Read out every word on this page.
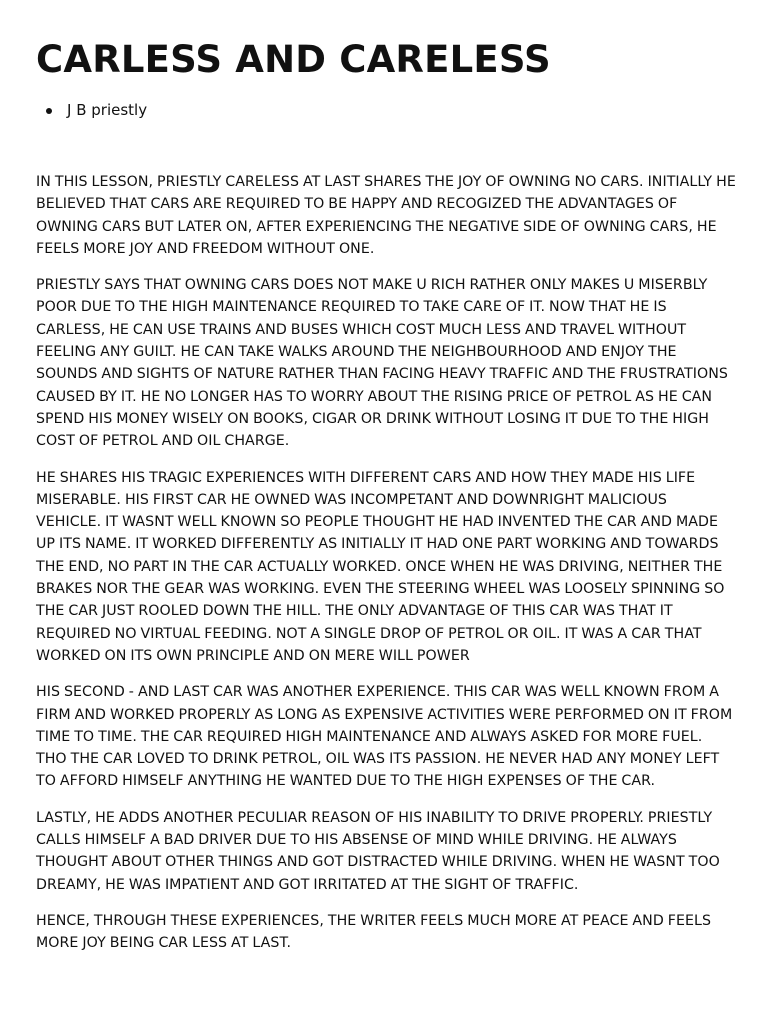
CARLESS AND CARELESS
J B priestly

IN THIS LESSON, PRIESTLY CARELESS AT LAST SHARES THE JOY OF OWNING NO CARS. INITIALLY HE BELIEVED THAT CARS ARE REQUIRED TO BE HAPPY AND RECOGIZED THE ADVANTAGES OF OWNING CARS BUT LATER ON, AFTER EXPERIENCING THE NEGATIVE SIDE OF OWNING CARS, HE FEELS MORE JOY AND FREEDOM WITHOUT ONE.

PRIESTLY SAYS THAT OWNING CARS DOES NOT MAKE U RICH RATHER ONLY MAKES U MISERBLY POOR DUE TO THE HIGH MAINTENANCE REQUIRED TO TAKE CARE OF IT. NOW THAT HE IS CARLESS, HE CAN USE TRAINS AND BUSES WHICH COST MUCH LESS AND TRAVEL WITHOUT FEELING ANY GUILT. HE CAN TAKE WALKS AROUND THE NEIGHBOURHOOD AND ENJOY THE SOUNDS AND SIGHTS OF NATURE RATHER THAN FACING HEAVY TRAFFIC AND THE FRUSTRATIONS CAUSED BY IT. HE NO LONGER HAS TO WORRY ABOUT THE RISING PRICE OF PETROL AS HE CAN SPEND HIS MONEY WISELY ON BOOKS, CIGAR OR DRINK WITHOUT LOSING IT DUE TO THE HIGH COST OF PETROL AND OIL CHARGE.

HE SHARES HIS TRAGIC EXPERIENCES WITH DIFFERENT CARS AND HOW THEY MADE HIS LIFE MISERABLE. HIS FIRST CAR HE OWNED WAS INCOMPETANT AND DOWNRIGHT MALICIOUS VEHICLE. IT WASNT WELL KNOWN SO PEOPLE THOUGHT HE HAD INVENTED THE CAR AND MADE UP ITS NAME. IT WORKED DIFFERENTLY AS INITIALLY IT HAD ONE PART WORKING AND TOWARDS THE END, NO PART IN THE CAR ACTUALLY WORKED. ONCE WHEN HE WAS DRIVING, NEITHER THE BRAKES NOR THE GEAR WAS WORKING. EVEN THE STEERING WHEEL WAS LOOSELY SPINNING SO THE CAR JUST ROOLED DOWN THE HILL. THE ONLY ADVANTAGE OF THIS CAR WAS THAT IT REQUIRED NO VIRTUAL FEEDING. NOT A SINGLE DROP OF PETROL OR OIL. IT WAS A CAR THAT WORKED ON ITS OWN PRINCIPLE AND ON MERE WILL POWER

HIS SECOND - AND LAST CAR WAS ANOTHER EXPERIENCE. THIS CAR WAS WELL KNOWN FROM A FIRM AND WORKED PROPERLY AS LONG AS EXPENSIVE ACTIVITIES WERE PERFORMED ON IT FROM TIME TO TIME. THE CAR REQUIRED HIGH MAINTENANCE AND ALWAYS ASKED FOR MORE FUEL. THO THE CAR LOVED TO DRINK PETROL, OIL WAS ITS PASSION. HE NEVER HAD ANY MONEY LEFT TO AFFORD HIMSELF ANYTHING HE WANTED DUE TO THE HIGH EXPENSES OF THE CAR.

LASTLY, HE ADDS ANOTHER PECULIAR REASON OF HIS INABILITY TO DRIVE PROPERLY. PRIESTLY CALLS HIMSELF A BAD DRIVER DUE TO HIS ABSENSE OF MIND WHILE DRIVING. HE ALWAYS THOUGHT ABOUT OTHER THINGS AND GOT DISTRACTED WHILE DRIVING. WHEN HE WASNT TOO DREAMY, HE WAS IMPATIENT AND GOT IRRITATED AT THE SIGHT OF TRAFFIC.

HENCE, THROUGH THESE EXPERIENCES, THE WRITER FEELS MUCH MORE AT PEACE AND FEELS MORE JOY BEING CAR LESS AT LAST.
